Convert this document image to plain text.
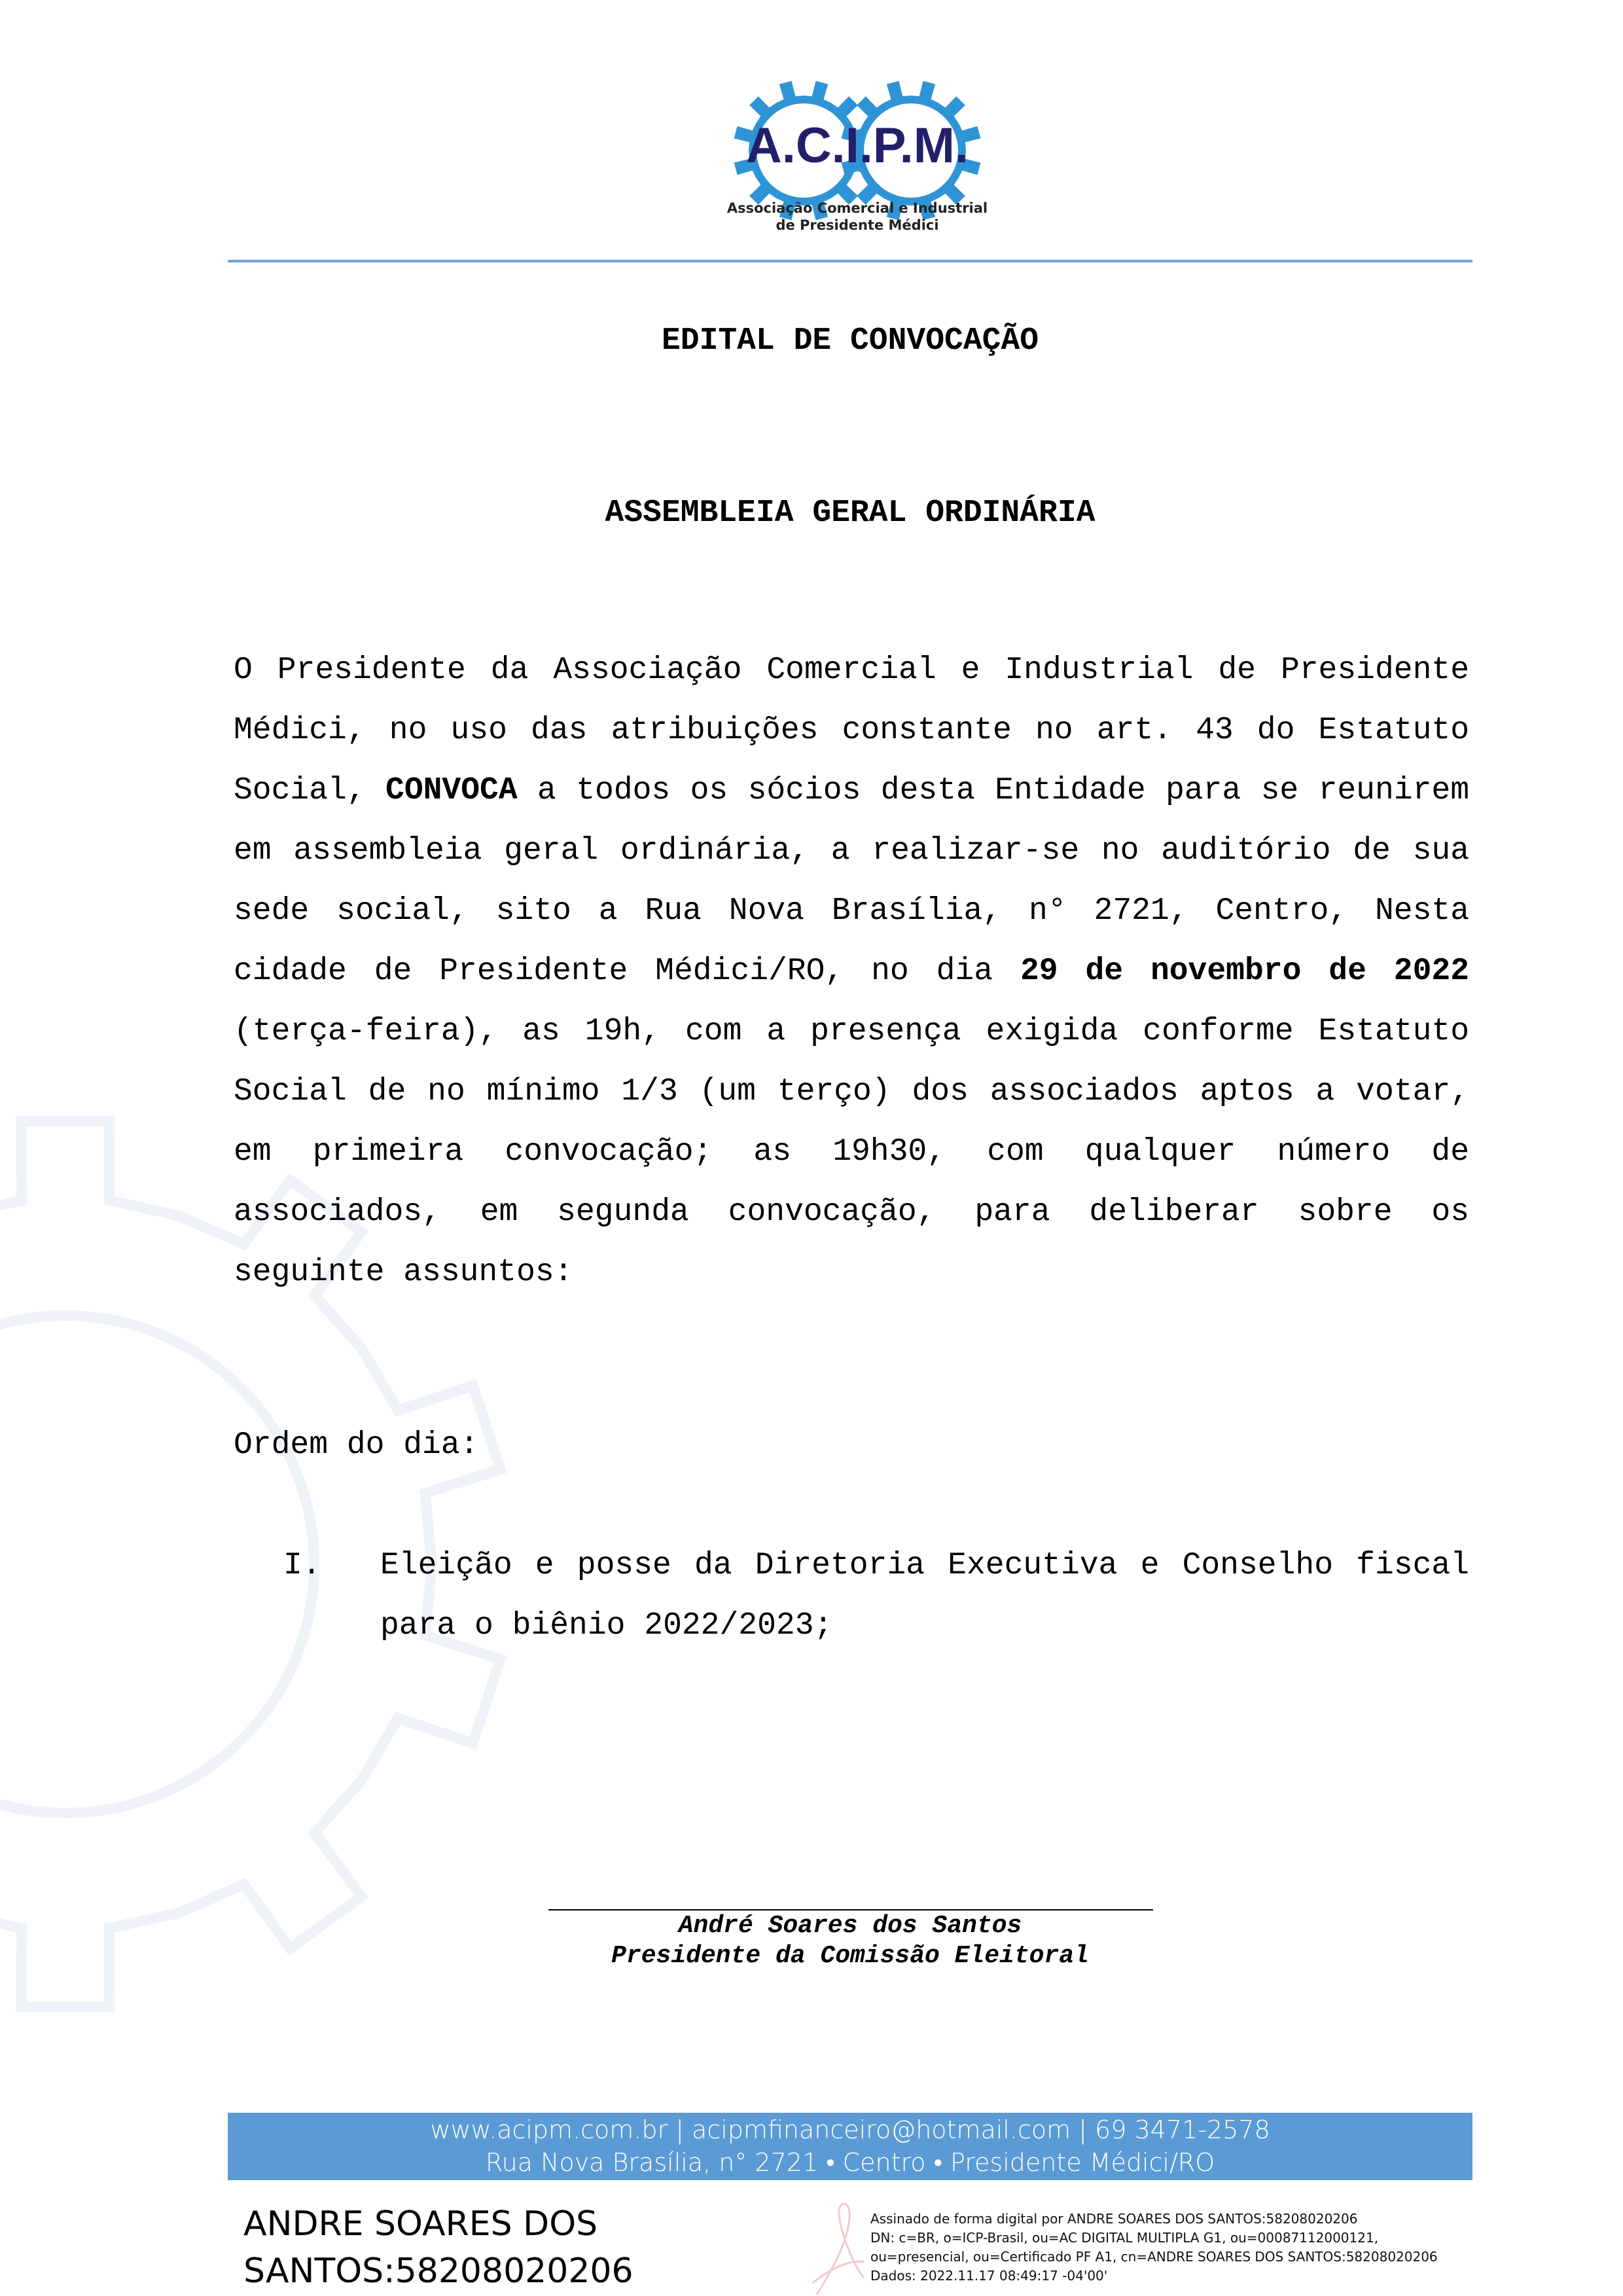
A.C.I.P.M.
Associação Comercial e Industrial
de Presidente Médici
EDITAL DE CONVOCAÇÃO
ASSEMBLEIA GERAL ORDINÁRIA
O Presidente da Associação Comercial e Industrial de Presidente Médici, no uso das atribuições constante no art. 43 do Estatuto Social, CONVOCA a todos os sócios desta Entidade para se reunirem em assembleia geral ordinária, a realizar-se no auditório de sua sede social, sito a Rua Nova Brasília, n° 2721, Centro, Nesta cidade de Presidente Médici/RO, no dia 29 de novembro de 2022 (terça-feira), as 19h, com a presença exigida conforme Estatuto Social de no mínimo 1/3 (um terço) dos associados aptos a votar, em primeira convocação; as 19h30, com qualquer número de associados, em segunda convocação, para deliberar sobre os seguinte assuntos:
Ordem do dia:
I.	Eleição e posse da Diretoria Executiva e Conselho fiscal para o biênio 2022/2023;
André Soares dos Santos
Presidente da Comissão Eleitoral
www.acipm.com.br | acipmfinanceiro@hotmail.com | 69 3471-2578
Rua Nova Brasília, n° 2721 • Centro • Presidente Médici/RO
ANDRE SOARES DOS
SANTOS:58208020206
Assinado de forma digital por ANDRE SOARES DOS SANTOS:58208020206
DN: c=BR, o=ICP-Brasil, ou=AC DIGITAL MULTIPLA G1, ou=00087112000121,
ou=presencial, ou=Certificado PF A1, cn=ANDRE SOARES DOS SANTOS:58208020206
Dados: 2022.11.17 08:49:17 -04'00'
